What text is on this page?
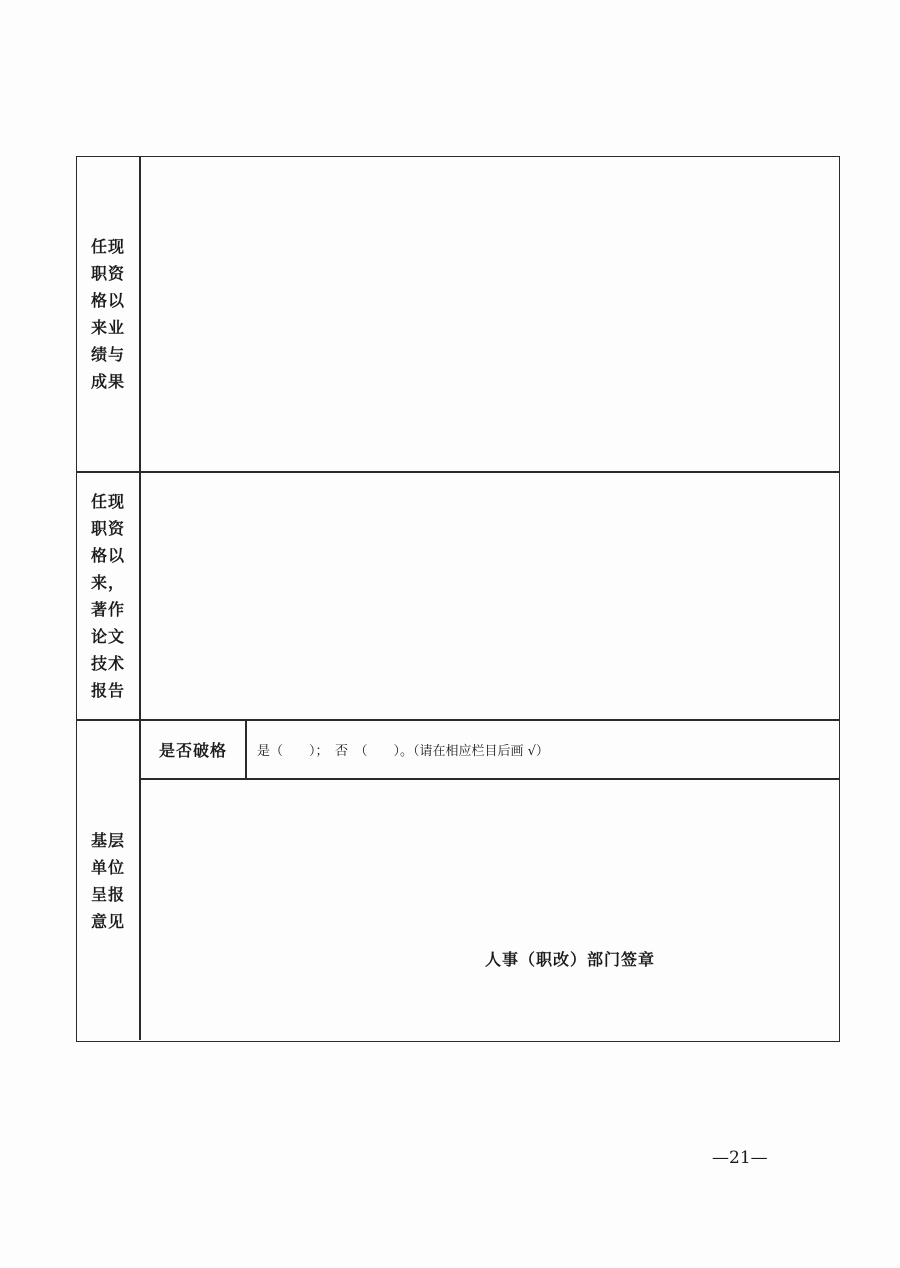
任现职资格以来业绩与成果
任现职资格以来，著作论文技术报告
基层单位呈报意见
是否破格	是（　　）；　否　（　　）。（请在相应栏目后画 √）
人事（职改）部门签章
—21—
